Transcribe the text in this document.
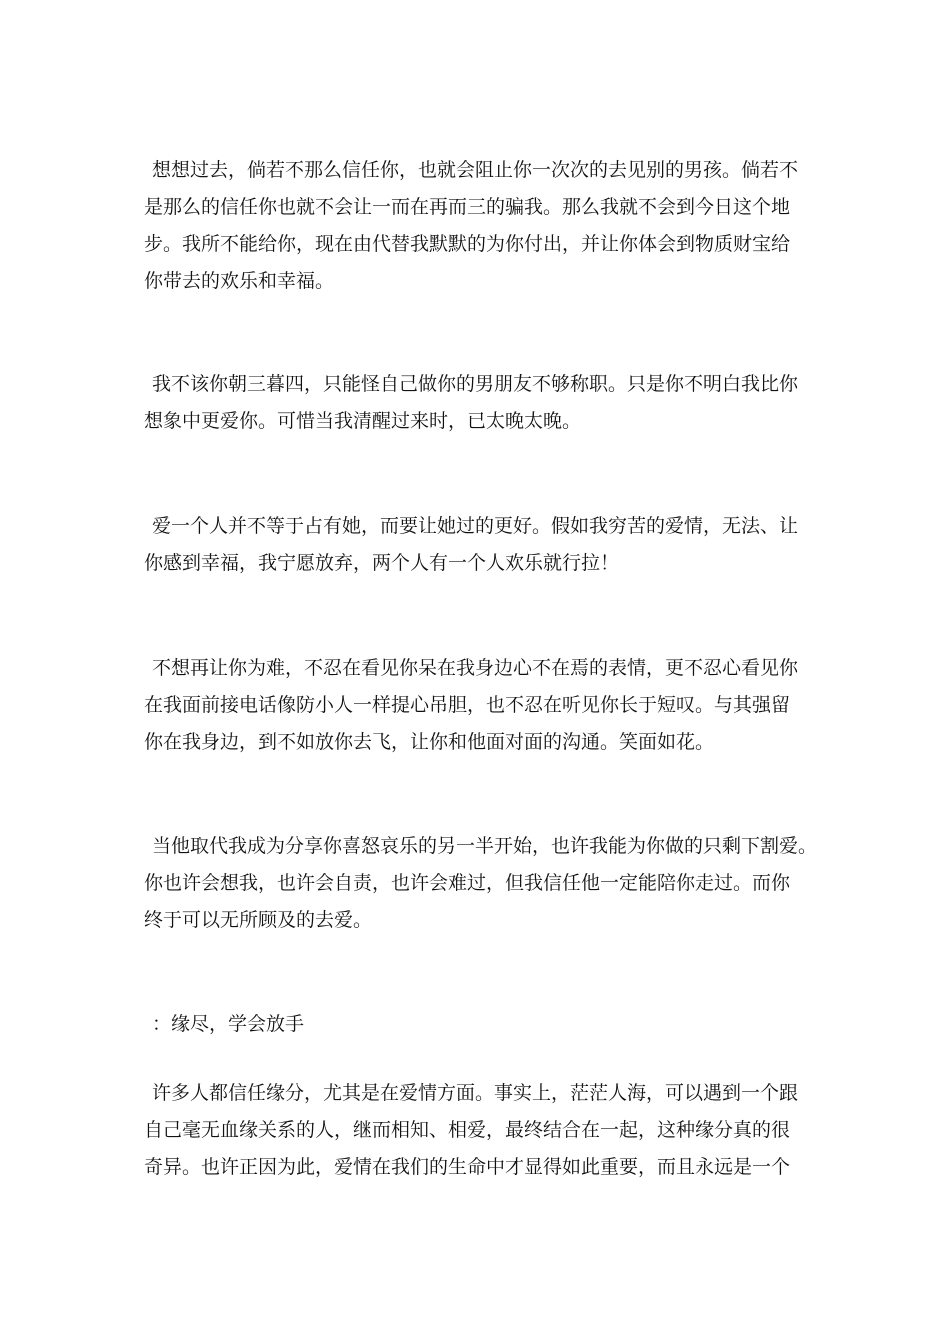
想想过去，倘若不那么信任你，也就会阻止你一次次的去见别的男孩。倘若不
是那么的信任你也就不会让一而在再而三的骗我。那么我就不会到今日这个地
步。我所不能给你，现在由代替我默默的为你付出，并让你体会到物质财宝给
你带去的欢乐和幸福。
我不该你朝三暮四，只能怪自己做你的男朋友不够称职。只是你不明白我比你
想象中更爱你。可惜当我清醒过来时，已太晚太晚。
爱一个人并不等于占有她，而要让她过的更好。假如我穷苦的爱情，无法、让
你感到幸福，我宁愿放弃，两个人有一个人欢乐就行拉！
不想再让你为难，不忍在看见你呆在我身边心不在焉的表情，更不忍心看见你
在我面前接电话像防小人一样提心吊胆，也不忍在听见你长于短叹。与其强留
你在我身边，到不如放你去飞，让你和他面对面的沟通。笑面如花。
当他取代我成为分享你喜怒哀乐的另一半开始，也许我能为你做的只剩下割爱。
你也许会想我，也许会自责，也许会难过，但我信任他一定能陪你走过。而你
终于可以无所顾及的去爱。
：缘尽，学会放手
许多人都信任缘分，尤其是在爱情方面。事实上，茫茫人海，可以遇到一个跟
自己毫无血缘关系的人，继而相知、相爱，最终结合在一起，这种缘分真的很
奇异。也许正因为此，爱情在我们的生命中才显得如此重要，而且永远是一个
